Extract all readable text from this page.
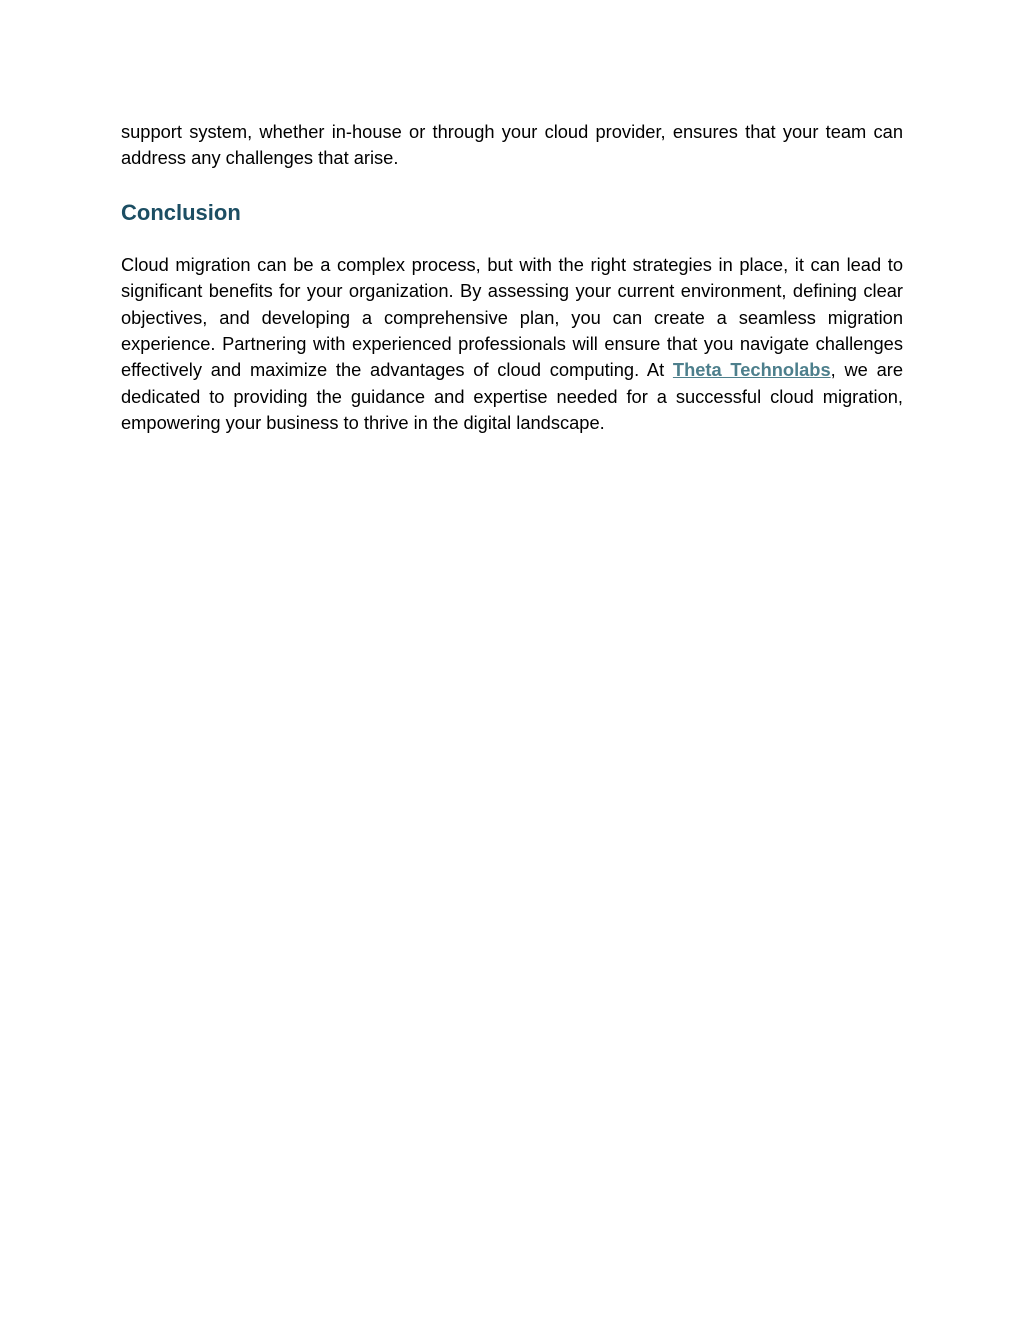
support system, whether in-house or through your cloud provider, ensures that your team can address any challenges that arise.

Conclusion

Cloud migration can be a complex process, but with the right strategies in place, it can lead to significant benefits for your organization. By assessing your current environment, defining clear objectives, and developing a comprehensive plan, you can create a seamless migration experience. Partnering with experienced professionals will ensure that you navigate challenges effectively and maximize the advantages of cloud computing. At Theta Technolabs, we are dedicated to providing the guidance and expertise needed for a successful cloud migration, empowering your business to thrive in the digital landscape.
